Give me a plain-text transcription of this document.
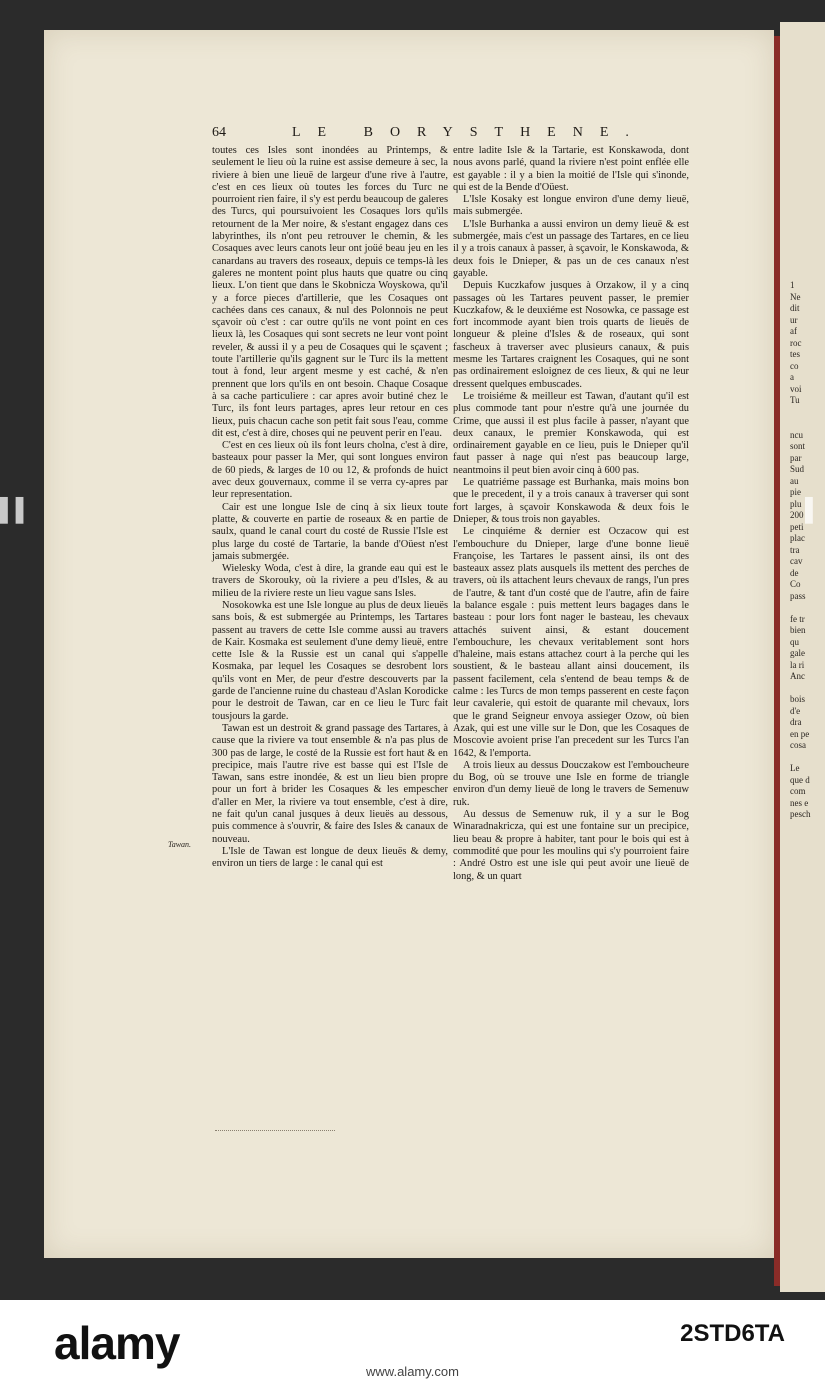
1
Ne
dit
ur
af
roc
tes
co
a
voi
Tu
ncu
sont
par
Sud
au
pie
plu
200
peti
plac
tra
cav
de
Co
pass
fe tr
bien
qu
gale
la ri
Anc
bois
d'e
dra
en pe
cosa
Le
que d
com
nes e
pesch
64	LE BORYSTHENE.

toutes ces Isles sont inondées au Printemps, & seulement le lieu où la ruine est assise demeure à sec, la riviere à bien une lieuë de largeur d'une rive à l'autre, c'est en ces lieux où toutes les forces du Turc ne pourroient rien faire, il s'y est perdu beaucoup de galeres des Turcs, qui poursuivoient les Cosaques lors qu'ils retournent de la Mer noire, & s'estant engagez dans ces labyrinthes, ils n'ont peu retrouver le chemin, & les Cosaques avec leurs canots leur ont joüé beau jeu en les canardans au travers des roseaux, depuis ce temps-là les galeres ne montent point plus hauts que quatre ou cinq lieux. L'on tient que dans le Skobnicza Woyskowa, qu'il y a force pieces d'artillerie, que les Cosaques ont cachées dans ces canaux, & nul des Polonnois ne peut sçavoir où c'est : car outre qu'ils ne vont point en ces lieux là, les Cosaques qui sont secrets ne leur vont point reveler, & aussi il y a peu de Cosaques qui le sçavent ; toute l'artillerie qu'ils gagnent sur le Turc ils la mettent tout à fond, leur argent mesme y est caché, & n'en prennent que lors qu'ils en ont besoin. Chaque Cosaque à sa cache particuliere : car apres avoir butiné chez le Turc, ils font leurs partages, apres leur retour en ces lieux, puis chacun cache son petit fait sous l'eau, comme dit est, c'est à dire, choses qui ne peuvent perir en l'eau.

C'est en ces lieux où ils font leurs cholna, c'est à dire, basteaux pour passer la Mer, qui sont longues environ de 60 pieds, & larges de 10 ou 12, & profonds de huict avec deux gouvernaux, comme il se verra cy-apres par leur representation.

Cair est une longue Isle de cinq à six lieux toute platte, & couverte en partie de roseaux & en partie de saulx, quand le canal court du costé de Russie l'Isle est plus large du costé de Tartarie, la bande d'Oüest n'est jamais submergée.

Wielesky Woda, c'est à dire, la grande eau qui est le travers de Skorouky, où la riviere a peu d'Isles, & au milieu de la riviere reste un lieu vague sans Isles.

Nosokowka est une Isle longue au plus de deux lieuës sans bois, & est submergée au Printemps, les Tartares passent au travers de cette Isle comme aussi au travers de Kair. Kosmaka est seulement d'une demy lieuë, entre cette Isle & la Russie est un canal qui s'appelle Kosmaka, par lequel les Cosaques se desrobent lors qu'ils vont en Mer, de peur d'estre descouverts par la garde de l'ancienne ruine du chasteau d'Aslan Korodicke pour le destroit de Tawan, car en ce lieu le Turc fait tousjours la garde.

Tawan est un destroit & grand passage des Tartares, à cause que la riviere va tout ensemble & n'a pas plus de 300 pas de large, le costé de la Russie est fort haut & en precipice, mais l'autre rive est basse qui est l'Isle de Tawan, sans estre inondée, & est un lieu bien propre pour un fort à brider les Cosaques & les empescher d'aller en Mer, la riviere va tout ensemble, c'est à dire, ne fait qu'un canal jusques à deux lieuës au dessous, puis commence à s'ouvrir, & faire des Isles & canaux de nouveau.

L'Isle de Tawan est longue de deux lieuës & demy, environ un tiers de large : le canal qui est

entre ladite Isle & la Tartarie, est Konskawoda, dont nous avons parlé, quand la riviere n'est point enflée elle est gayable : il y a bien la moitié de l'Isle qui s'inonde, qui est de la Bende d'Oüest.

L'Isle Kosaky est longue environ d'une demy lieuë, mais submergée.

L'Isle Burhanka a aussi environ un demy lieuë & est submergée, mais c'est un passage des Tartares, en ce lieu il y a trois canaux à passer, à sçavoir, le Konskawoda, & deux fois le Dnieper, & pas un de ces canaux n'est gayable.

Depuis Kuczkafow jusques à Orzakow, il y a cinq passages où les Tartares peuvent passer, le premier Kuczkafow, & le deuxiéme est Nosowka, ce passage est fort incommode ayant bien trois quarts de lieuës de longueur & pleine d'Isles & de roseaux, qui sont fascheux à traverser avec plusieurs canaux, & puis mesme les Tartares craignent les Cosaques, qui ne sont pas ordinairement esloignez de ces lieux, & qui ne leur dressent quelques embuscades.

Le troisiéme & meilleur est Tawan, d'autant qu'il est plus commode tant pour n'estre qu'à une journée du Crime, que aussi il est plus facile à passer, n'ayant que deux canaux, le premier Konskawoda, qui est ordinairement gayable en ce lieu, puis le Dnieper qu'il faut passer à nage qui n'est pas beaucoup large, neantmoins il peut bien avoir cinq à 600 pas.

Le quatriéme passage est Burhanka, mais moins bon que le precedent, il y a trois canaux à traverser qui sont fort larges, à sçavoir Konskawoda & deux fois le Dnieper, & tous trois non gayables.

Le cinquiéme & dernier est Oczacow qui est l'embouchure du Dnieper, large d'une bonne lieuë Françoise, les Tartares le passent ainsi, ils ont des basteaux assez plats ausquels ils mettent des perches de travers, où ils attachent leurs chevaux de rangs, l'un pres de l'autre, & tant d'un costé que de l'autre, afin de faire la balance esgale : puis mettent leurs bagages dans le basteau : pour lors font nager le basteau, les chevaux attachés suivent ainsi, & estant doucement l'embouchure, les chevaux veritablement sont hors d'haleine, mais estans attachez court à la perche qui les soustient, & le basteau allant ainsi doucement, ils passent facilement, cela s'entend de beau temps & de calme : les Turcs de mon temps passerent en ceste façon leur cavalerie, qui estoit de quarante mil chevaux, lors que le grand Seigneur envoya assieger Ozow, où bien Azak, qui est une ville sur le Don, que les Cosaques de Moscovie avoient prise l'an precedent sur les Turcs l'an 1642, & l'emporta.

A trois lieux au dessus Douczakow est l'emboucheure du Bog, où se trouve une Isle en forme de triangle environ d'un demy lieuë de long le travers de Semenuw ruk.

Au dessus de Semenuw ruk, il y a sur le Bog Winaradnakricza, qui est une fontaine sur un precipice, lieu beau & propre à habiter, tant pour le bois qui est à commodité que pour les moulins qui s'y pourroient faire : André Ostro est une isle qui peut avoir une lieuë de long, & un quart

Tawan.
▌▌	▌
alamy	2STD6TA
www.alamy.com
